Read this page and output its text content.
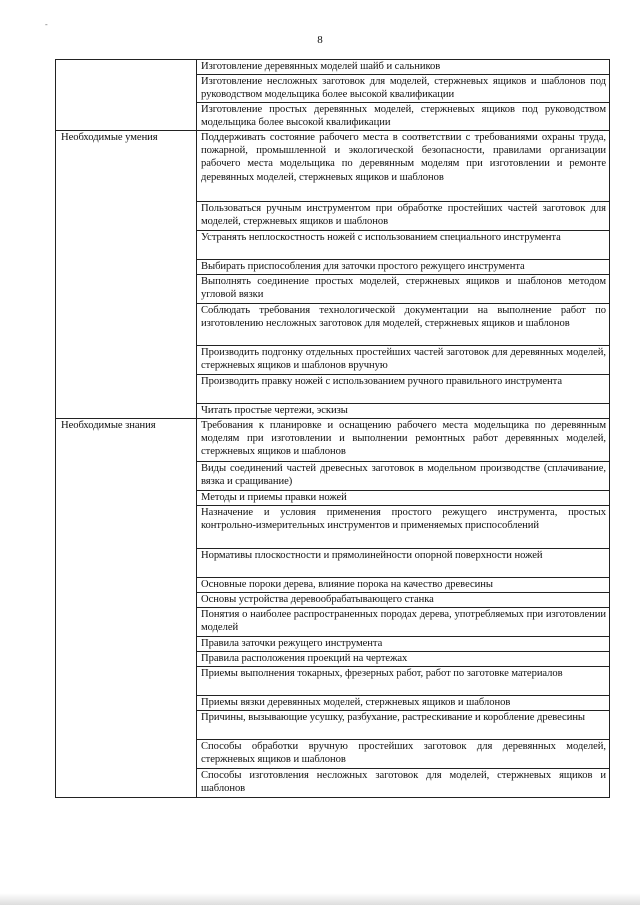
-
8
	Изготовление деревянных моделей шайб и сальников
	Изготовление несложных заготовок для моделей, стержневых ящиков и шаблонов под руководством модельщика более высокой квалификации
	Изготовление простых деревянных моделей, стержневых ящиков под руководством модельщика более высокой квалификации
Необходимые умения	Поддерживать состояние рабочего места в соответствии с требованиями охраны труда, пожарной, промышленной и экологической безопасности, правилами организации рабочего места модельщика по деревянным моделям при изготовлении и ремонте деревянных моделей, стержневых ящиков и шаблонов
	Пользоваться ручным инструментом при обработке простейших частей заготовок для моделей, стержневых ящиков и шаблонов
	Устранять неплоскостность ножей с использованием специального инструмента
	Выбирать приспособления для заточки простого режущего инструмента
	Выполнять соединение простых моделей, стержневых ящиков и шаблонов методом угловой вязки
	Соблюдать требования технологической документации на выполнение работ по изготовлению несложных заготовок для моделей, стержневых ящиков и шаблонов
	Производить подгонку отдельных простейших частей заготовок для деревянных моделей, стержневых ящиков и шаблонов вручную
	Производить правку ножей с использованием ручного правильного инструмента
	Читать простые чертежи, эскизы
Необходимые знания	Требования к планировке и оснащению рабочего места модельщика по деревянным моделям при изготовлении и выполнении ремонтных работ деревянных моделей, стержневых ящиков и шаблонов
	Виды соединений частей древесных заготовок в модельном производстве (сплачивание, вязка и сращивание)
	Методы и приемы правки ножей
	Назначение и условия применения простого режущего инструмента, простых контрольно-измерительных инструментов и применяемых приспособлений
	Нормативы плоскостности и прямолинейности опорной поверхности ножей
	Основные пороки дерева, влияние порока на качество древесины
	Основы устройства деревообрабатывающего станка
	Понятия о наиболее распространенных породах дерева, употребляемых при изготовлении моделей
	Правила заточки режущего инструмента
	Правила расположения проекций на чертежах
	Приемы выполнения токарных, фрезерных работ, работ по заготовке материалов
	Приемы вязки деревянных моделей, стержневых ящиков и шаблонов
	Причины, вызывающие усушку, разбухание, растрескивание и коробление древесины
	Способы обработки вручную простейших заготовок для деревянных моделей, стержневых ящиков и шаблонов
	Способы изготовления несложных заготовок для моделей, стержневых ящиков и шаблонов
